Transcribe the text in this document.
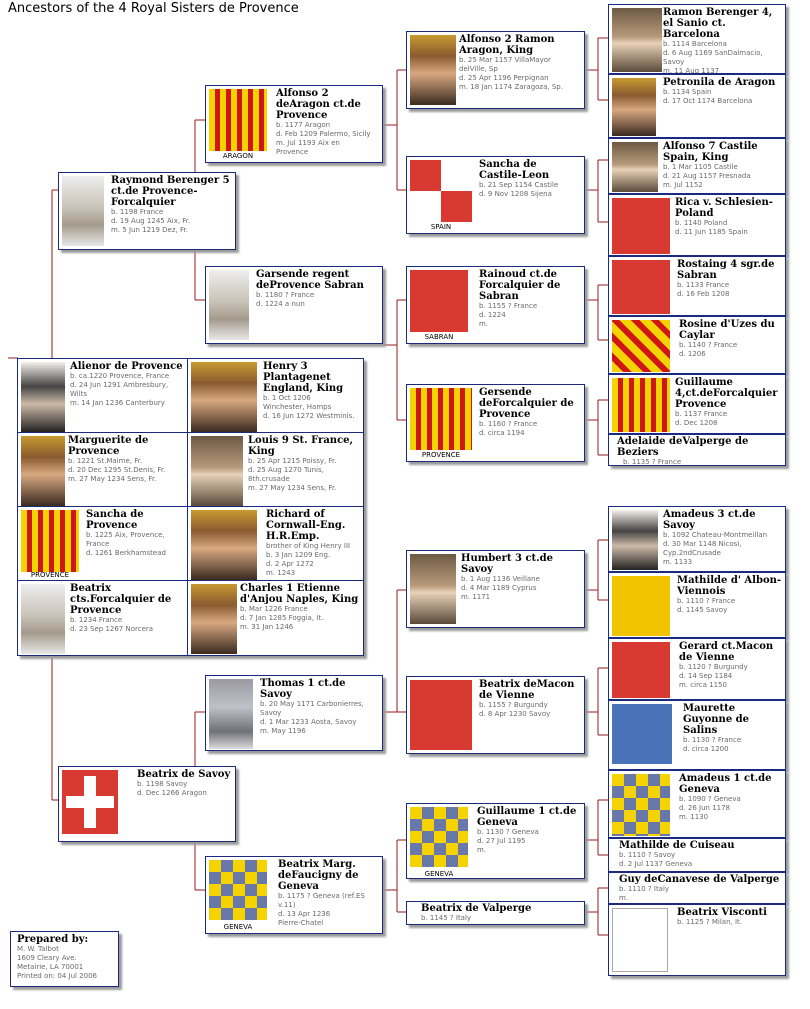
Ancestors of the 4 Royal Sisters de Provence
Alienor de Provence
b. ca.1220 Provence, France
d. 24 Jun 1291 Ambresbury,
Wilts
m. 14 Jan 1236 Canterbury
Henry 3 Plantagenet England, King
b. 1 Oct 1206
Winchester, Hamps
d. 16 Jun 1272 Westminis.
Marguerite de Provence
b. 1221 St.Maime, Fr.
d. 20 Dec 1295 St.Denis, Fr.
m. 27 May 1234 Sens, Fr.
Louis 9 St. France, King
b. 25 Apr 1215 Poissy, Fr.
d. 25 Aug 1270 Tunis,
8th.crusade
m. 27 May 1234 Sens, Fr.
PROVENCE
Sancha de Provence
b. 1225 Aix, Provence,
France
d. 1261 Berkhamstead
Richard of Cornwall-Eng. H.R.Emp.
brother of King Henry III
b. 3 Jan 1209 Eng.
d. 2 Apr 1272
m. 1243
Beatrix cts.Forcalquier de Provence
b. 1234 France
d. 23 Sep 1267 Norcera
Charles 1 Etienne d'Anjou Naples, King
b. Mar 1226 France
d. 7 Jan 1285 Foggia, It.
m. 31 Jan 1246
Raymond Berenger 5 ct.de Provence-Forcalquier
b. 1198 France
d. 19 Aug 1245 Aix, Fr.
m. 5 Jun 1219 Dez, Fr.
ARAGON
Alfonso 2 deAragon ct.de Provence
b. 1177 Aragon
d. Feb 1209 Palermo, Sicily
m. Jul 1193 Aix en
Provence
Garsende regent deProvence Sabran
b. 1180 ? France
d. 1224 a nun
Alfonso 2 Ramon Aragon, King
b. 25 Mar 1157 VillaMayor
delVille, Sp
d. 25 Apr 1196 Perpignan
m. 18 Jan 1174 Zaragoza, Sp.
SPAIN
Sancha de Castile-Leon
b. 21 Sep 1154 Castile
d. 9 Nov 1208 Sijena
SABRAN
Rainoud ct.de Forcalquier de Sabran
b. 1155 ? France
d. 1224
m.
PROVENCE
Gersende deForcalquier de Provence
b. 1160 ? France
d. circa 1194
Ramon Berenger 4, el Sanio ct. Barcelona
b. 1114 Barcelona
d. 6 Aug 1169 SanDalmacio,
Savoy
m. 11 Aug 1137
Petronila de Aragon
b. 1134 Spain
d. 17 Oct 1174 Barcelona
Alfonso 7 Castile Spain, King
b. 1 Mar 1105 Castile
d. 21 Aug 1157 Fresnada
m. Jul 1152
Rica v. Schlesien-Poland
b. 1140 Poland
d. 11 Jun 1185 Spain
Rostaing 4 sgr.de Sabran
b. 1133 France
d. 16 Feb 1208
Rosine d'Uzes du Caylar
b. 1140 ? France
d. 1206
Guillaume 4,ct.deForcalquier Provence
b. 1137 France
d. Dec 1208
Adelaide deValperge de Beziers
b. 1135 ? France
Beatrix de Savoy
b. 1198 Savoy
d. Dec 1266 Aragon
Thomas 1 ct.de Savoy
b. 20 May 1171 Carbonierres,
Savoy
d. 1 Mar 1233 Aosta, Savoy
m. May 1196
GENEVA
Beatrix Marg. deFaucigny de Geneva
b. 1175 ? Geneva (ref.ES
v.11)
d. 13 Apr 1236
Pierre-Chatel
Humbert 3 ct.de Savoy
b. 1 Aug 1136 Veillane
d. 4 Mar 1189 Cyprus
m. 1171
Beatrix deMacon de Vienne
b. 1155 ? Burgundy
d. 8 Apr 1230 Savoy
GENEVA
Guillaume 1 ct.de Geneva
b. 1130 ? Geneva
d. 27 Jul 1195
m.
Beatrix de Valperge
b. 1145 ? Italy
Amadeus 3 ct.de Savoy
b. 1092 Chateau-Montmeillan
d. 30 Mar 1148 Nicosi,
Cyp.2ndCrusade
m. 1133
Mathilde d' Albon-Viennois
b. 1110 ? France
d. 1145 Savoy
Gerard ct.Macon de Vienne
b. 1120 ? Burgundy
d. 14 Sep 1184
m. circa 1150
Maurette Guyonne de Salins
b. 1130 ? France
d. circa 1200
Amadeus 1 ct.de Geneva
b. 1090 ? Geneva
d. 26 Jun 1178
m. 1130
Mathilde de Cuiseau
b. 1110 ? Savoy
d. 2 Jul 1137 Geneva
Guy deCanavese de Valperge
b. 1110 ? Italy
m.
Beatrix Visconti
b. 1125 ? Milan, It.
Prepared by:
M. W. Talbot
1609 Cleary Ave.
Metairie, LA 70001
Printed on: 04 Jul 2006
